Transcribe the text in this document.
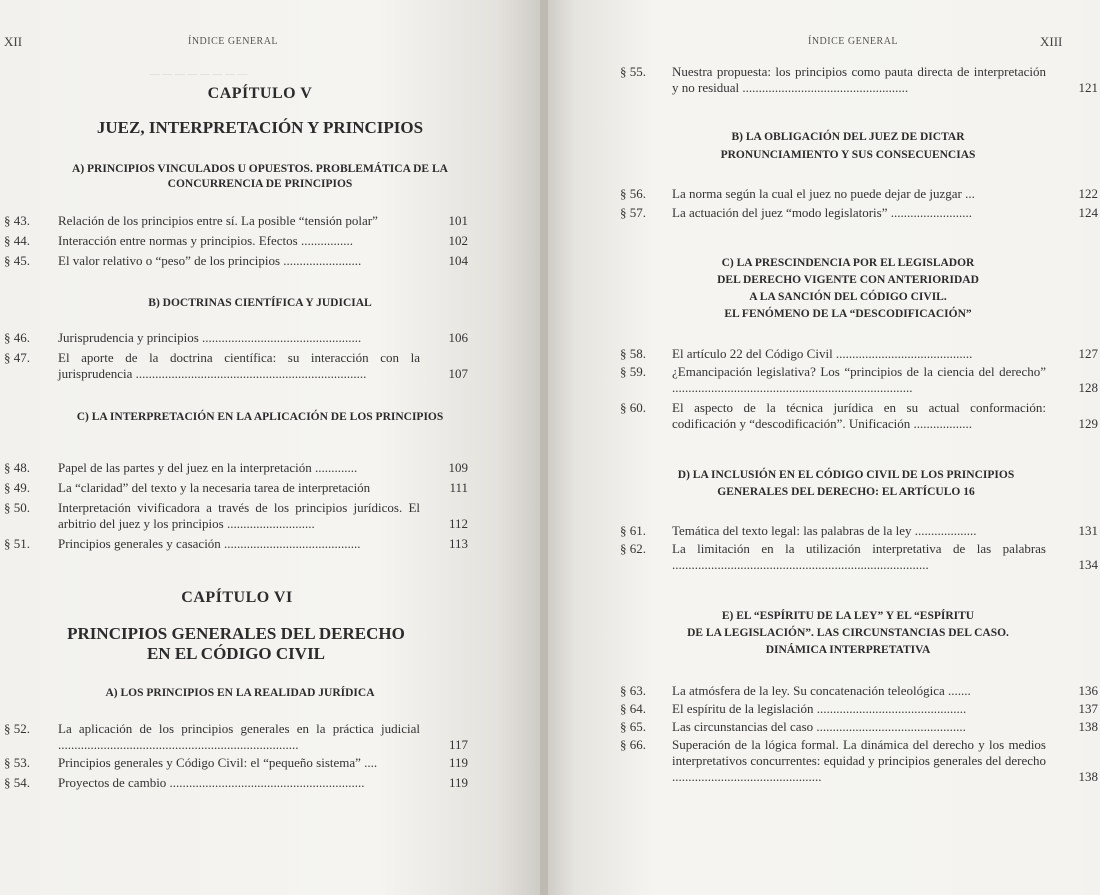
XII	ÍNDICE GENERAL
— — — — — — — —
CAPÍTULO V
JUEZ, INTERPRETACIÓN Y PRINCIPIOS
A) PRINCIPIOS VINCULADOS U OPUESTOS. PROBLEMÁTICA DE LA CONCURRENCIA DE PRINCIPIOS
§ 43.	Relación de los principios entre sí. La posible “tensión polar”	101
§ 44.	Interacción entre normas y principios. Efectos ................	102
§ 45.	El valor relativo o “peso” de los principios ........................	104
B) DOCTRINAS CIENTÍFICA Y JUDICIAL
§ 46.	Jurisprudencia y principios .................................................	106
§ 47.	El aporte de la doctrina científica: su interacción con la jurisprudencia .......................................................................	107
C) LA INTERPRETACIÓN EN LA APLICACIÓN DE LOS PRINCIPIOS
§ 48.	Papel de las partes y del juez en la interpretación .............	109
§ 49.	La “claridad” del texto y la necesaria tarea de interpretación	111
§ 50.	Interpretación vivificadora a través de los principios jurídicos. El arbitrio del juez y los principios ...........................	112
§ 51.	Principios generales y casación ..........................................	113
CAPÍTULO VI
PRINCIPIOS GENERALES DEL DERECHO
EN EL CÓDIGO CIVIL
A) LOS PRINCIPIOS EN LA REALIDAD JURÍDICA
§ 52.	La aplicación de los principios generales en la práctica judicial ..........................................................................	117
§ 53.	Principios generales y Código Civil: el “pequeño sistema” ....	119
§ 54.	Proyectos de cambio ............................................................	119
ÍNDICE GENERAL	XIII
§ 55.	Nuestra propuesta: los principios como pauta directa de interpretación y no residual ...................................................	121
B) LA OBLIGACIÓN DEL JUEZ DE DICTAR
PRONUNCIAMIENTO Y SUS CONSECUENCIAS
§ 56.	La norma según la cual el juez no puede dejar de juzgar ...	122
§ 57.	La actuación del juez “modo legislatoris” .........................	124
C) LA PRESCINDENCIA POR EL LEGISLADOR
DEL DERECHO VIGENTE CON ANTERIORIDAD
A LA SANCIÓN DEL CÓDIGO CIVIL.
EL FENÓMENO DE LA “DESCODIFICACIÓN”
§ 58.	El artículo 22 del Código Civil ..........................................	127
§ 59.	¿Emancipación legislativa? Los “principios de la ciencia del derecho” ..........................................................................	128
§ 60.	El aspecto de la técnica jurídica en su actual conformación: codificación y “descodificación”. Unificación ..................	129
D) LA INCLUSIÓN EN EL CÓDIGO CIVIL DE LOS PRINCIPIOS
GENERALES DEL DERECHO: EL ARTÍCULO 16
§ 61.	Temática del texto legal: las palabras de la ley ...................	131
§ 62.	La limitación en la utilización interpretativa de las palabras ...............................................................................	134
E) EL “ESPÍRITU DE LA LEY” Y EL “ESPÍRITU
DE LA LEGISLACIÓN”. LAS CIRCUNSTANCIAS DEL CASO.
DINÁMICA INTERPRETATIVA
§ 63.	La atmósfera de la ley. Su concatenación teleológica .......	136
§ 64.	El espíritu de la legislación ..............................................	137
§ 65.	Las circunstancias del caso ..............................................	138
§ 66.	Superación de la lógica formal. La dinámica del derecho y los medios interpretativos concurrentes: equidad y principios generales del derecho ..............................................	138
